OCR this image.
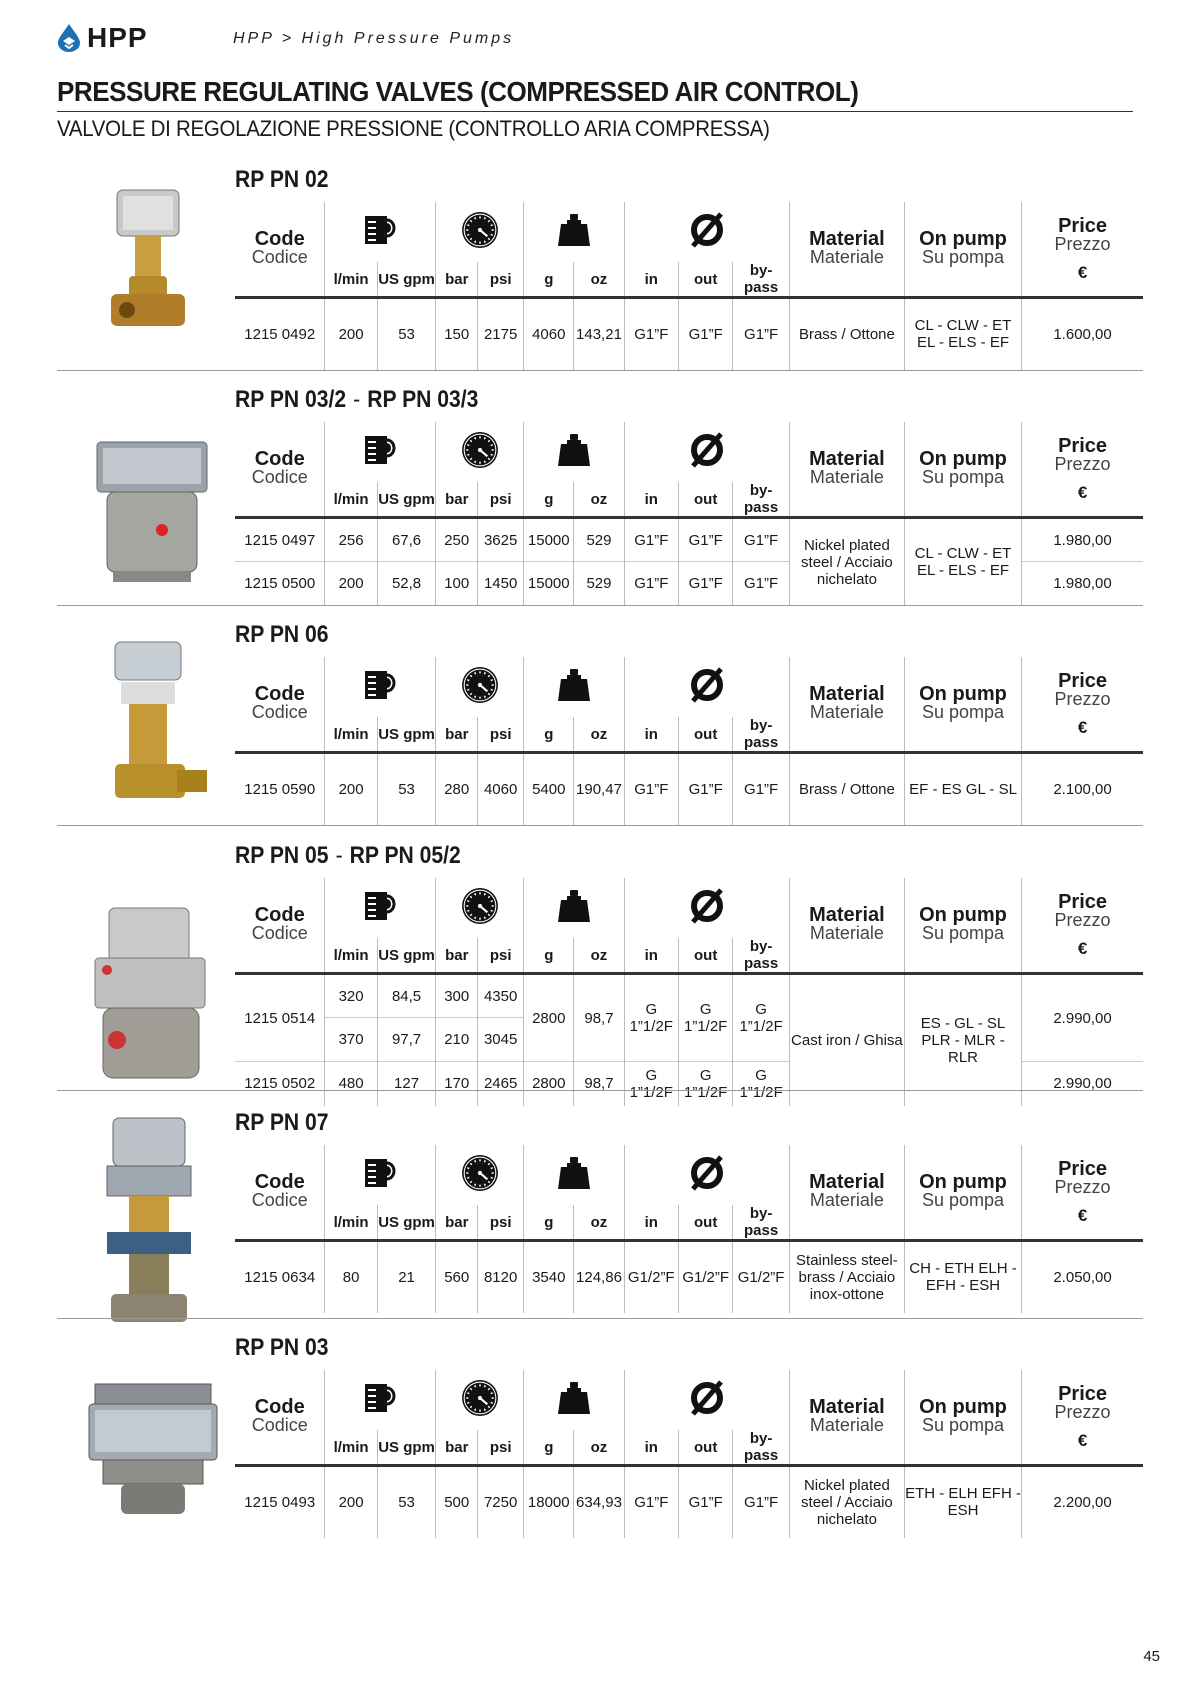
HPP	HPP > High Pressure Pumps
PRESSURE REGULATING VALVES (COMPRESSED AIR CONTROL)
VALVOLE DI REGOLAZIONE PRESSIONE (CONTROLLO ARIA COMPRESSA)
RP PN 02
Code
Codice										Material
Materiale	On pump
Su pompa	Price
Prezzo
€

	l/min	US gpm	bar	psi	g	oz	in	out	by-pass			
1215 0492	200	53	150	2175	4060	143,21	G1”F	G1”F	G1”F	Brass / Ottone	CL - CLW - ET EL - ELS - EF	1.600,00
RP PN 03/2 - RP PN 03/3
Code
Codice										Material
Materiale	On pump
Su pompa	Price
Prezzo
€

	l/min	US gpm	bar	psi	g	oz	in	out	by-pass			
1215 0497	256	67,6	250	3625	15000	529	G1”F	G1”F	G1”F	Nickel plated steel / Acciaio nichelato	CL - CLW - ET EL - ELS - EF	1.980,00
1215 0500	200	52,8	100	1450	15000	529	G1”F	G1”F	G1”F			1.980,00
RP PN 06
Code
Codice										Material
Materiale	On pump
Su pompa	Price
Prezzo
€

	l/min	US gpm	bar	psi	g	oz	in	out	by-pass			
1215 0590	200	53	280	4060	5400	190,47	G1”F	G1”F	G1”F	Brass / Ottone	EF - ES GL - SL	2.100,00
RP PN 05 - RP PN 05/2
Code
Codice										Material
Materiale	On pump
Su pompa	Price
Prezzo
€

	l/min	US gpm	bar	psi	g	oz	in	out	by-pass			
1215 0514	320	84,5	300	4350	2800	98,7	G 1”1/2F	G 1”1/2F	G 1”1/2F	Cast iron / Ghisa	ES - GL - SL PLR - MLR - RLR	2.990,00
	370	97,7	210	3045								
1215 0502	480	127	170	2465	2800	98,7	G 1”1/2F	G 1”1/2F	G 1”1/2F			2.990,00
RP PN 07
Code
Codice										Material
Materiale	On pump
Su pompa	Price
Prezzo
€

	l/min	US gpm	bar	psi	g	oz	in	out	by-pass			
1215 0634	80	21	560	8120	3540	124,86	G1/2”F	G1/2”F	G1/2”F	Stainless steel- brass / Acciaio inox-ottone	CH - ETH ELH - EFH - ESH	2.050,00
RP PN 03
Code
Codice										Material
Materiale	On pump
Su pompa	Price
Prezzo
€

	l/min	US gpm	bar	psi	g	oz	in	out	by-pass			
1215 0493	200	53	500	7250	18000	634,93	G1”F	G1”F	G1”F	Nickel plated steel / Acciaio nichelato	ETH - ELH EFH - ESH	2.200,00
45
